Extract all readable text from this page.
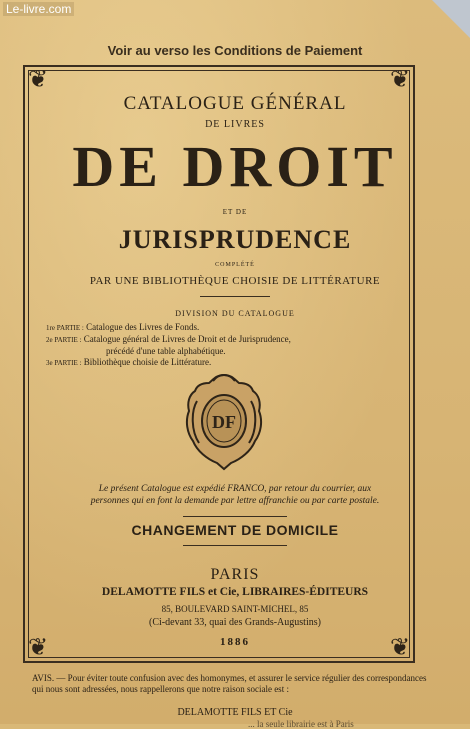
Le-livre.com
Voir au verso les Conditions de Paiement
❦	❦
❦	❦
CATALOGUE GÉNÉRAL
DE LIVRES
DE DROIT
ET DE
JURISPRUDENCE
COMPLÉTÉ
PAR UNE BIBLIOTHÈQUE CHOISIE DE LITTÉRATURE
DIVISION DU CATALOGUE
1re PARTIE : Catalogue des Livres de Fonds.
2e PARTIE : Catalogue général de Livres de Droit et de Jurisprudence,
précédé d'une table alphabétique.
3e PARTIE : Bibliothèque choisie de Littérature.
DF
Le présent Catalogue est expédié FRANCO, par retour du courrier, aux
personnes qui en font la demande par lettre affranchie ou par carte postale.
CHANGEMENT DE DOMICILE
PARIS
DELAMOTTE FILS et Cie, LIBRAIRES-ÉDITEURS
85, BOULEVARD SAINT-MICHEL, 85
(Ci-devant 33, quai des Grands-Augustins)
1886
AVIS. — Pour éviter toute confusion avec des homonymes, et assurer le service régulier des correspondances qui nous sont adressées, nous rappellerons que notre raison sociale est :
DELAMOTTE FILS ET Cie
... la seule librairie est à Paris
